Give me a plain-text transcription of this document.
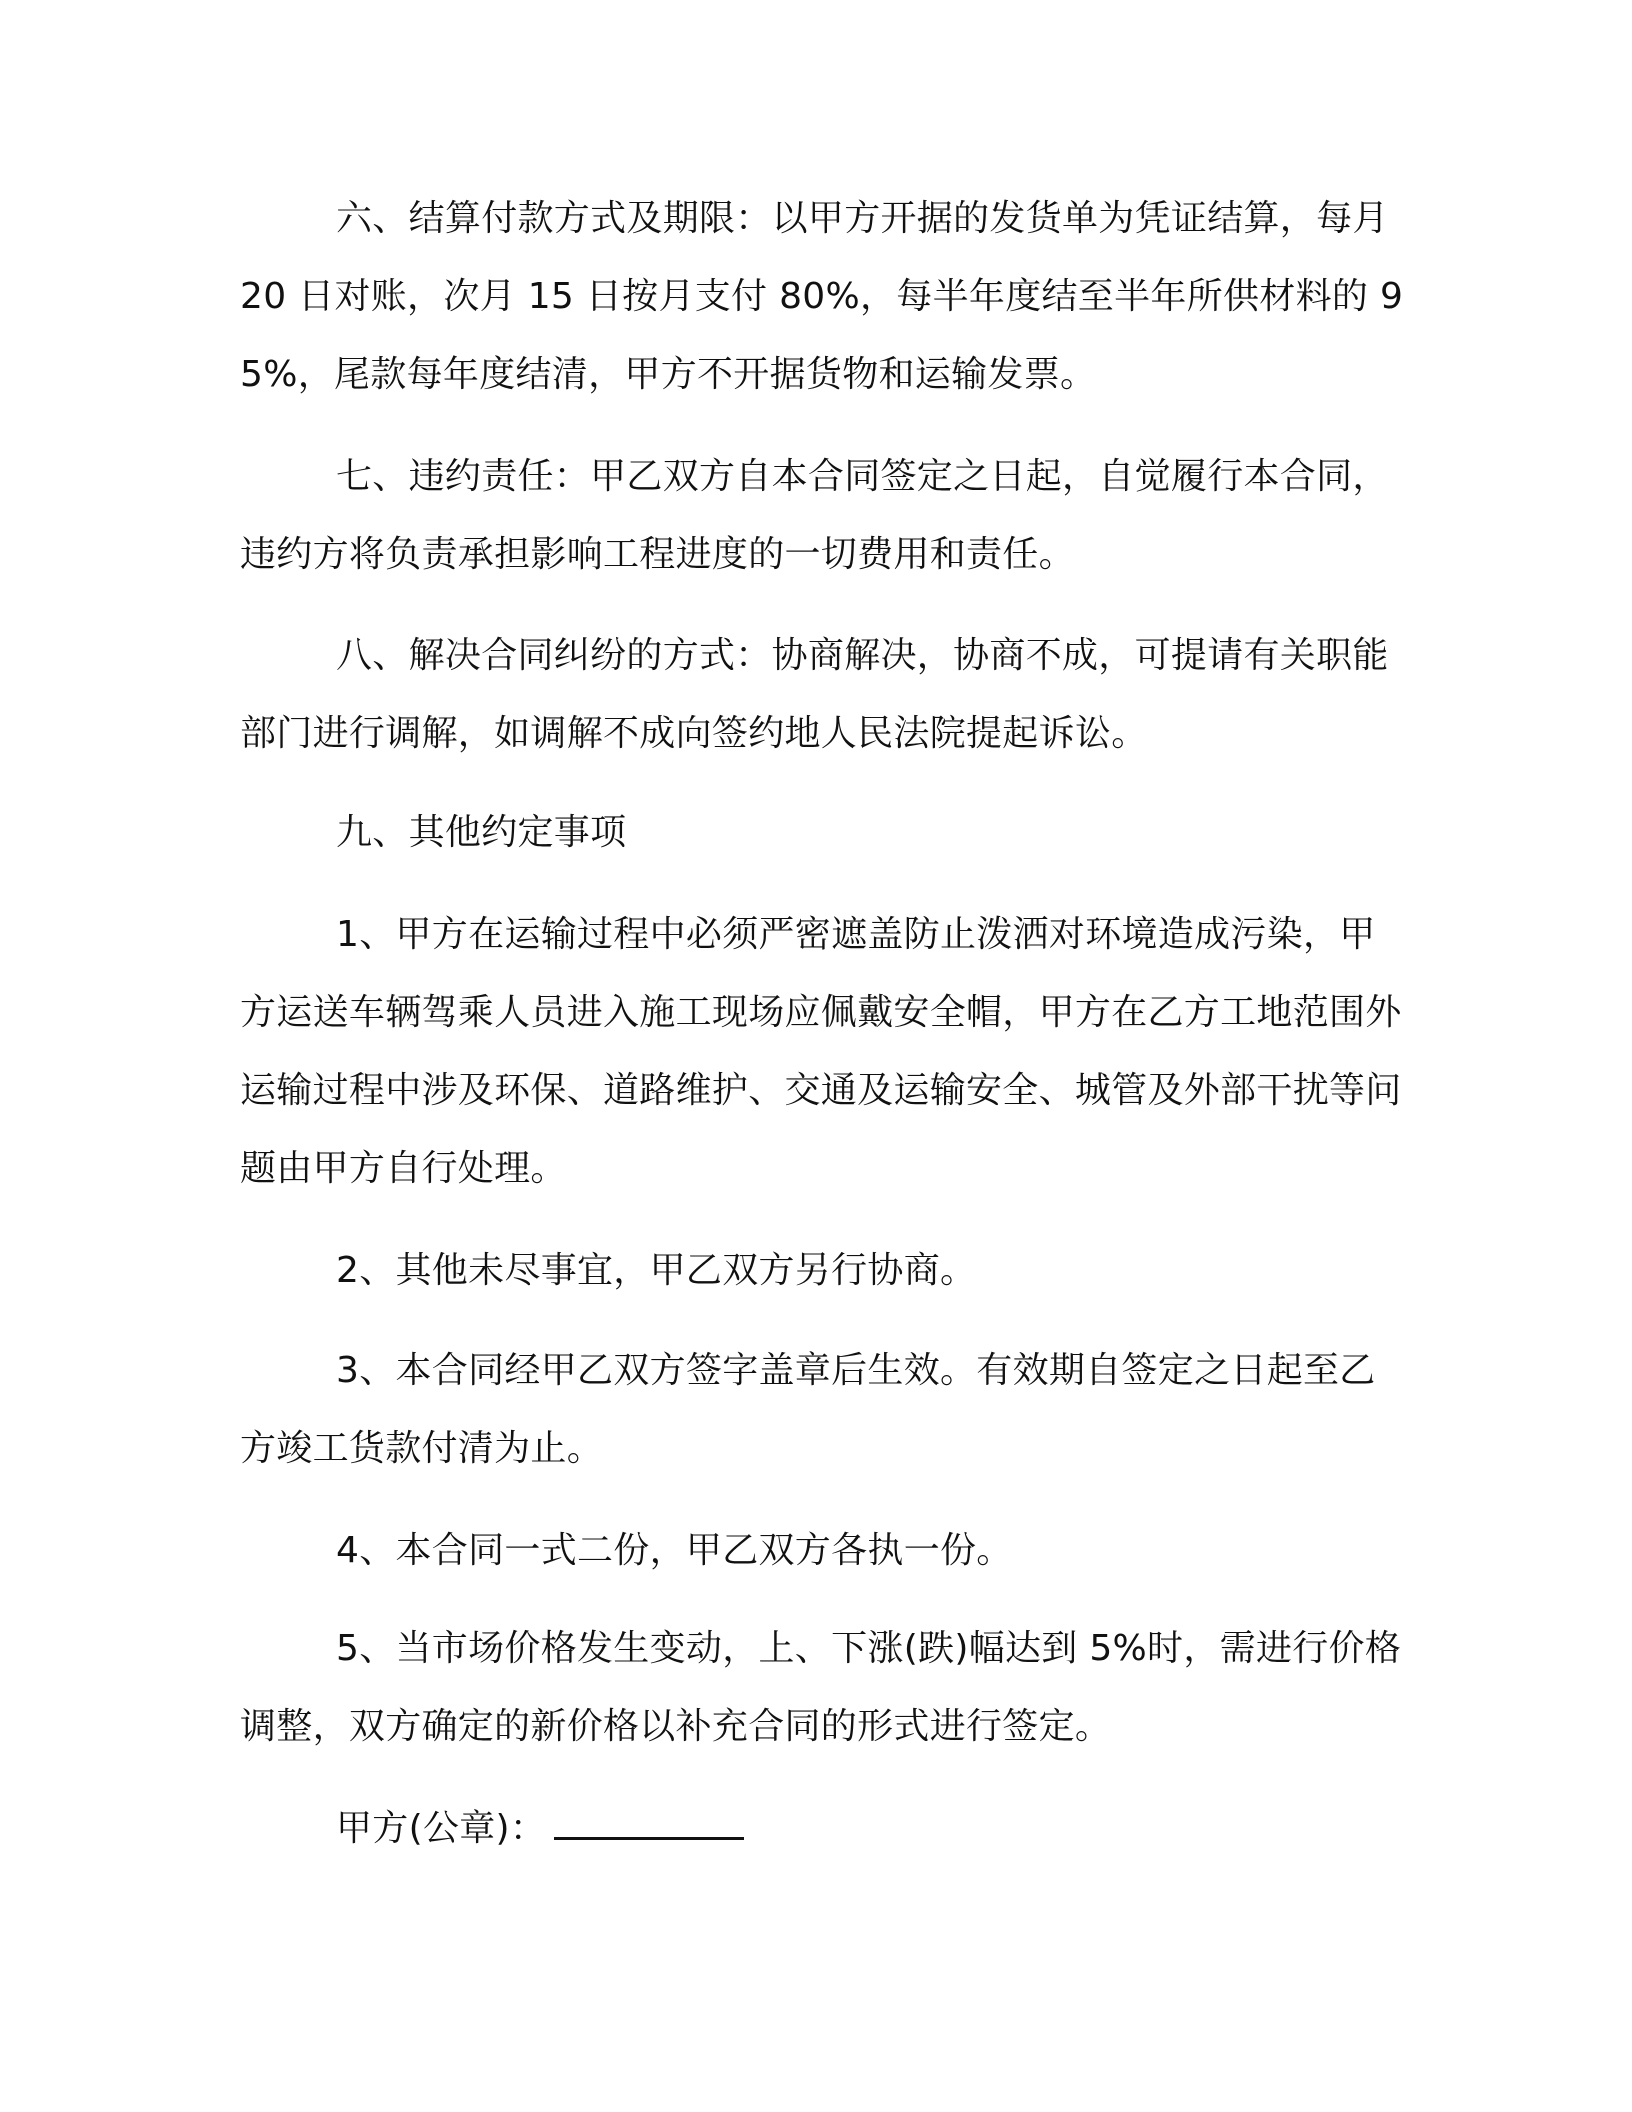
六、结算付款方式及期限：以甲方开据的发货单为凭证结算，每月 20 日对账，次月 15 日按月支付 80%，每半年度结至半年所供材料的 95%，尾款每年度结清，甲方不开据货物和运输发票。

七、违约责任：甲乙双方自本合同签定之日起，自觉履行本合同，违约方将负责承担影响工程进度的一切费用和责任。

八、解决合同纠纷的方式：协商解决，协商不成，可提请有关职能部门进行调解，如调解不成向签约地人民法院提起诉讼。

九、其他约定事项

1、甲方在运输过程中必须严密遮盖防止泼洒对环境造成污染，甲方运送车辆驾乘人员进入施工现场应佩戴安全帽，甲方在乙方工地范围外运输过程中涉及环保、道路维护、交通及运输安全、城管及外部干扰等问题由甲方自行处理。

2、其他未尽事宜，甲乙双方另行协商。

3、本合同经甲乙双方签字盖章后生效。有效期自签定之日起至乙方竣工货款付清为止。

4、本合同一式二份，甲乙双方各执一份。

5、当市场价格发生变动，上、下涨(跌)幅达到 5%时，需进行价格调整，双方确定的新价格以补充合同的形式进行签定。

甲方(公章)：
